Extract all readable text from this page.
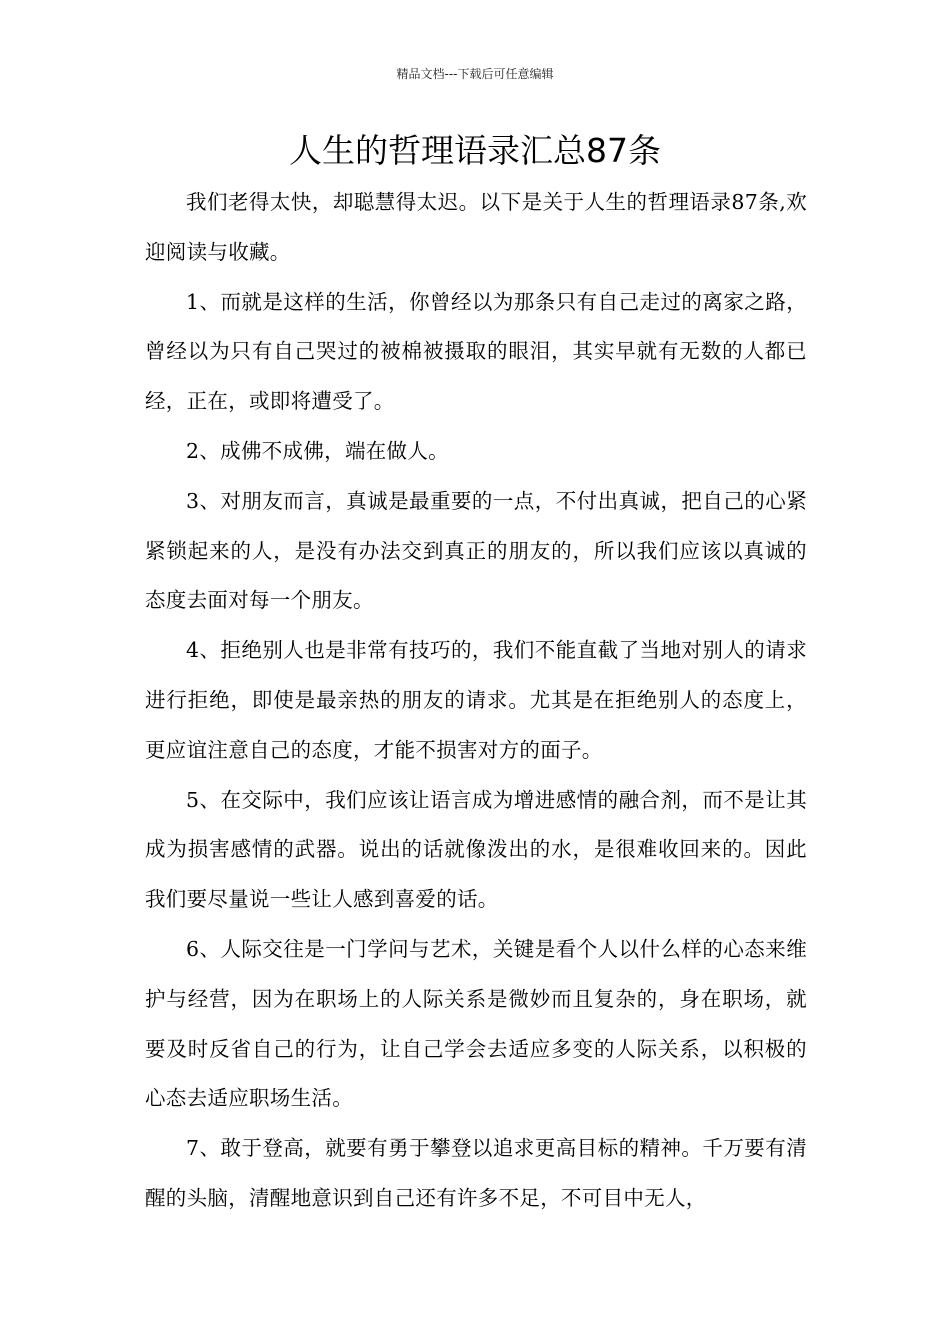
精品文档---下载后可任意编辑
人生的哲理语录汇总87条

我们老得太快，却聪慧得太迟。以下是关于人生的哲理语录87条,欢迎阅读与收藏。

1、而就是这样的生活，你曾经以为那条只有自己走过的离家之路，曾经以为只有自己哭过的被棉被摄取的眼泪，其实早就有无数的人都已经，正在，或即将遭受了。

2、成佛不成佛，端在做人。

3、对朋友而言，真诚是最重要的一点，不付出真诚，把自己的心紧紧锁起来的人，是没有办法交到真正的朋友的，所以我们应该以真诚的态度去面对每一个朋友。

4、拒绝别人也是非常有技巧的，我们不能直截了当地对别人的请求进行拒绝，即使是最亲热的朋友的请求。尤其是在拒绝别人的态度上，更应谊注意自己的态度，才能不损害对方的面子。

5、在交际中，我们应该让语言成为增进感情的融合剂，而不是让其成为损害感情的武器。说出的话就像泼出的水，是很难收回来的。因此我们要尽量说一些让人感到喜爱的话。

6、人际交往是一门学问与艺术，关键是看个人以什么样的心态来维护与经营，因为在职场上的人际关系是微妙而且复杂的，身在职场，就要及时反省自己的行为，让自己学会去适应多变的人际关系，以积极的心态去适应职场生活。

7、敢于登高，就要有勇于攀登以追求更高目标的精神。千万要有清醒的头脑，清醒地意识到自己还有许多不足，不可目中无人，
